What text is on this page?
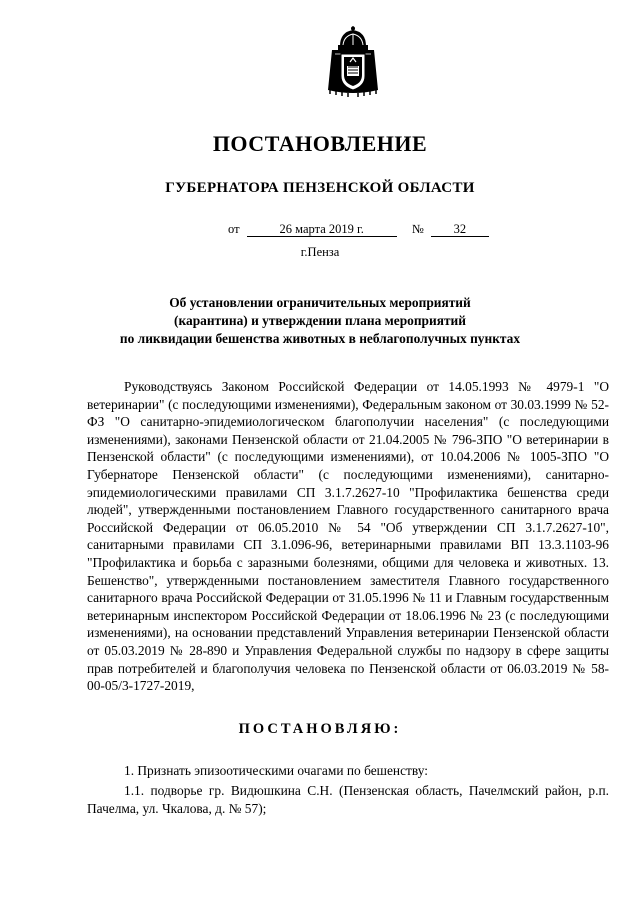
ПОСТАНОВЛЕНИЕ
ГУБЕРНАТОРА ПЕНЗЕНСКОЙ ОБЛАСТИ
от	26 марта 2019 г.	№ 32

г.Пенза

Об установлении ограничительных мероприятий
(карантина) и утверждении плана мероприятий
по ликвидации бешенства животных в неблагополучных пунктах

Руководствуясь Законом Российской Федерации от 14.05.1993 № 4979-1 "О ветеринарии" (с последующими изменениями), Федеральным законом от 30.03.1999 № 52-ФЗ "О санитарно-эпидемиологическом благополучии населения" (с последующими изменениями), законами Пензенской области от 21.04.2005 № 796-ЗПО "О ветеринарии в Пензенской области" (с последующими изменениями), от 10.04.2006 № 1005-ЗПО "О Губернаторе Пензенской области" (с последующими изменениями), санитарно-эпидемиологическими правилами СП 3.1.7.2627-10 "Профилактика бешенства среди людей", утвержденными постановлением Главного государственного санитарного врача Российской Федерации от 06.05.2010 № 54 "Об утверждении СП 3.1.7.2627-10", санитарными правилами СП 3.1.096-96, ветеринарными правилами ВП 13.3.1103-96 "Профилактика и борьба с заразными болезнями, общими для человека и животных. 13. Бешенство", утвержденными постановлением заместителя Главного государственного санитарного врача Российской Федерации от 31.05.1996 № 11 и Главным государственным ветеринарным инспектором Российской Федерации от 18.06.1996 № 23 (с последующими изменениями), на основании представлений Управления ветеринарии Пензенской области от 05.03.2019 № 28-890 и Управления Федеральной службы по надзору в сфере защиты прав потребителей и благополучия человека по Пензенской области от 06.03.2019 № 58-00-05/3-1727-2019,

ПОСТАНОВЛЯЮ:

1. Признать эпизоотическими очагами по бешенству:

1.1. подворье гр. Видюшкина С.Н. (Пензенская область, Пачелмский район, р.п. Пачелма, ул. Чкалова, д. № 57);
